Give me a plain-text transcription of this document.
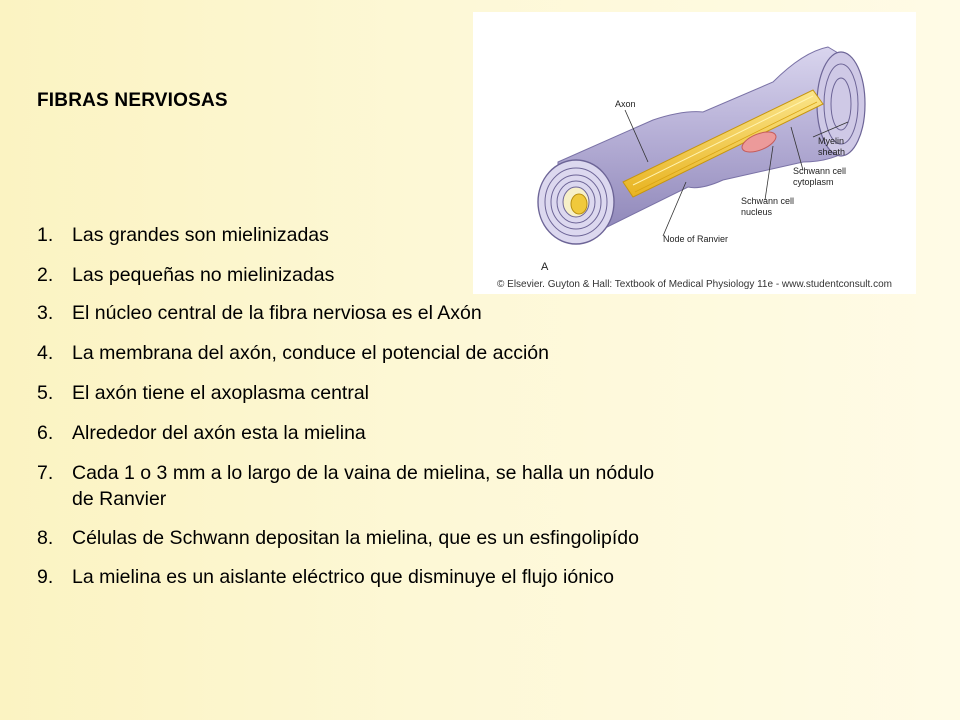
FIBRAS NERVIOSAS
1. Las grandes son mielinizadas
2. Las pequeñas no mielinizadas
3. El núcleo central de la fibra nerviosa es el Axón
4. La membrana del axón, conduce el potencial de acción
5. El axón tiene el axoplasma central
6. Alrededor del axón esta la mielina
7. Cada 1 o 3 mm a lo largo de la vaina de mielina, se halla un nódulo de Ranvier
8. Células de Schwann depositan la mielina, que es un esfingolipído
9. La mielina es un aislante eléctrico que disminuye el flujo iónico
Axon
Myelin
sheath
Schwann cell
cytoplasm
Schwann cell
nucleus
Node of Ranvier
A
© Elsevier. Guyton & Hall: Textbook of Medical Physiology 11e - www.studentconsult.com
